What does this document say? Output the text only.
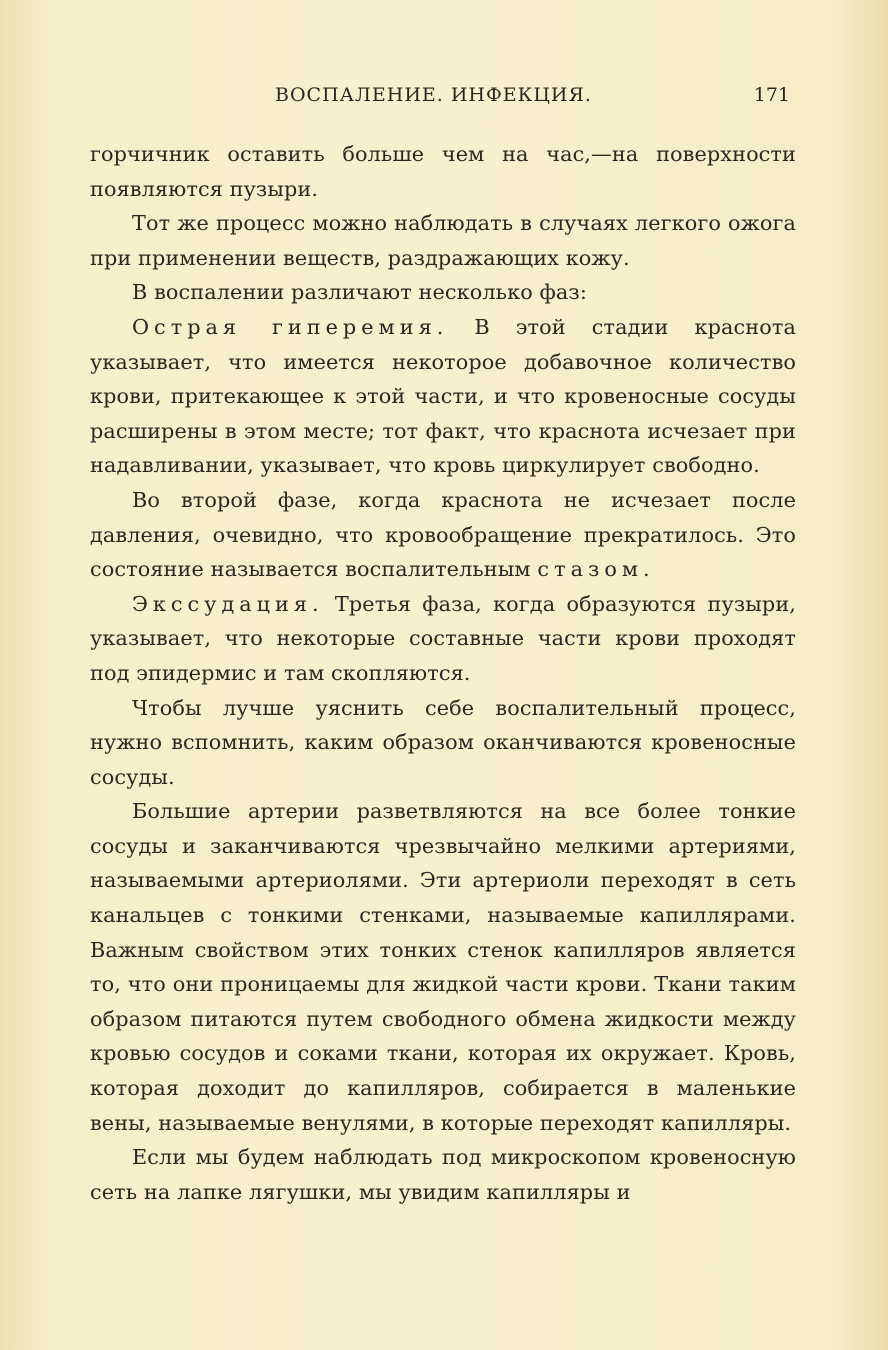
ВОСПАЛЕНИЕ. ИНФЕКЦИЯ.	171

горчичник оставить больше чем на час,—на поверхности появляются пузыри.

Тот же процесс можно наблюдать в случаях легкого ожога при применении веществ, раздражающих кожу.

В воспалении различают несколько фаз:

Острая гиперемия. В этой стадии краснота указывает, что имеется некоторое добавочное количество крови, притекающее к этой части, и что кровеносные сосуды расширены в этом месте; тот факт, что краснота исчезает при надавливании, указывает, что кровь циркулирует свободно.

Во второй фазе, когда краснота не исчезает после давления, очевидно, что кровообращение прекратилось. Это состояние называется воспалительным стазом.

Экссудация. Третья фаза, когда образуются пузыри, указывает, что некоторые составные части крови проходят под эпидермис и там скопляются.

Чтобы лучше уяснить себе воспалительный процесс, нужно вспомнить, каким образом оканчиваются кровеносные сосуды.

Большие артерии разветвляются на все более тонкие сосуды и заканчиваются чрезвычайно мелкими артериями, называемыми артериолями. Эти артериоли переходят в сеть канальцев с тонкими стенками, называемые капиллярами. Важным свойством этих тонких стенок капилляров является то, что они проницаемы для жидкой части крови. Ткани таким образом питаются путем свободного обмена жидкости между кровью сосудов и соками ткани, которая их окружает. Кровь, которая доходит до капилляров, собирается в маленькие вены, называемые венулями, в которые переходят капилляры.

Если мы будем наблюдать под микроскопом кровеносную сеть на лапке лягушки, мы увидим капилляры и
